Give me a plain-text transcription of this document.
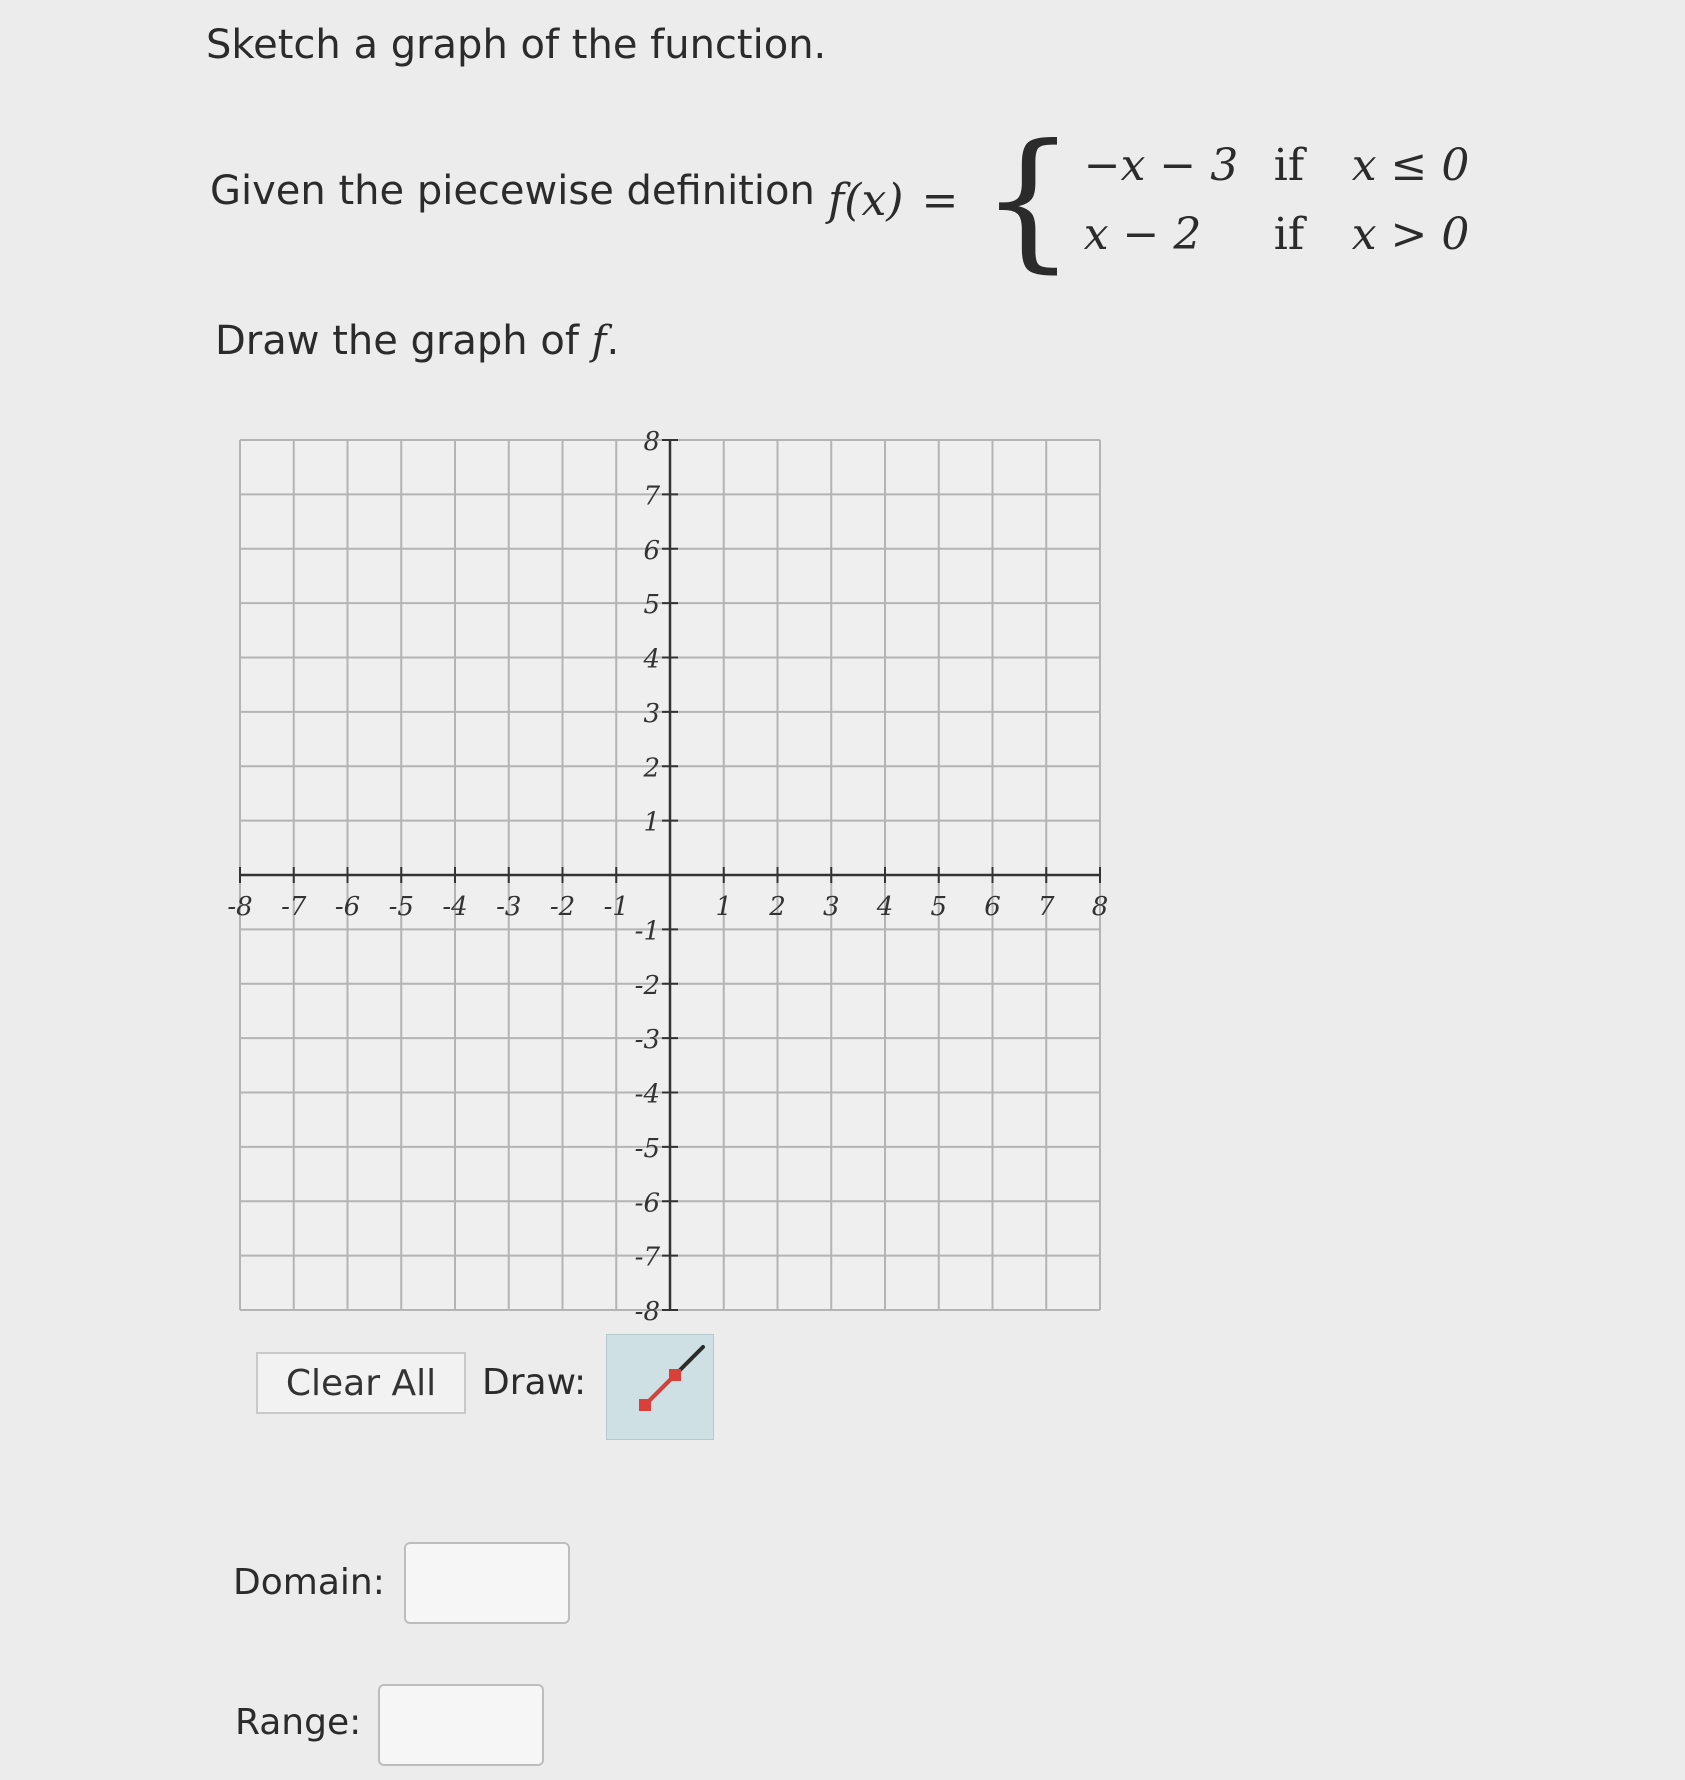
Sketch a graph of the function.
Given the piecewise definition f(x) = { −x − 3 if	x ≤ 0
x − 2	if	x > 0
Draw the graph of f.
-8 -7 -6 -5 -4 -3 -2 -1	1 2 3 4 5 6 7 8
8
7
6
5
4
3
2
1
-1
-2
-3
-4
-5
-6
-7
-8
Clear All	Draw:
Domain:
Range:
